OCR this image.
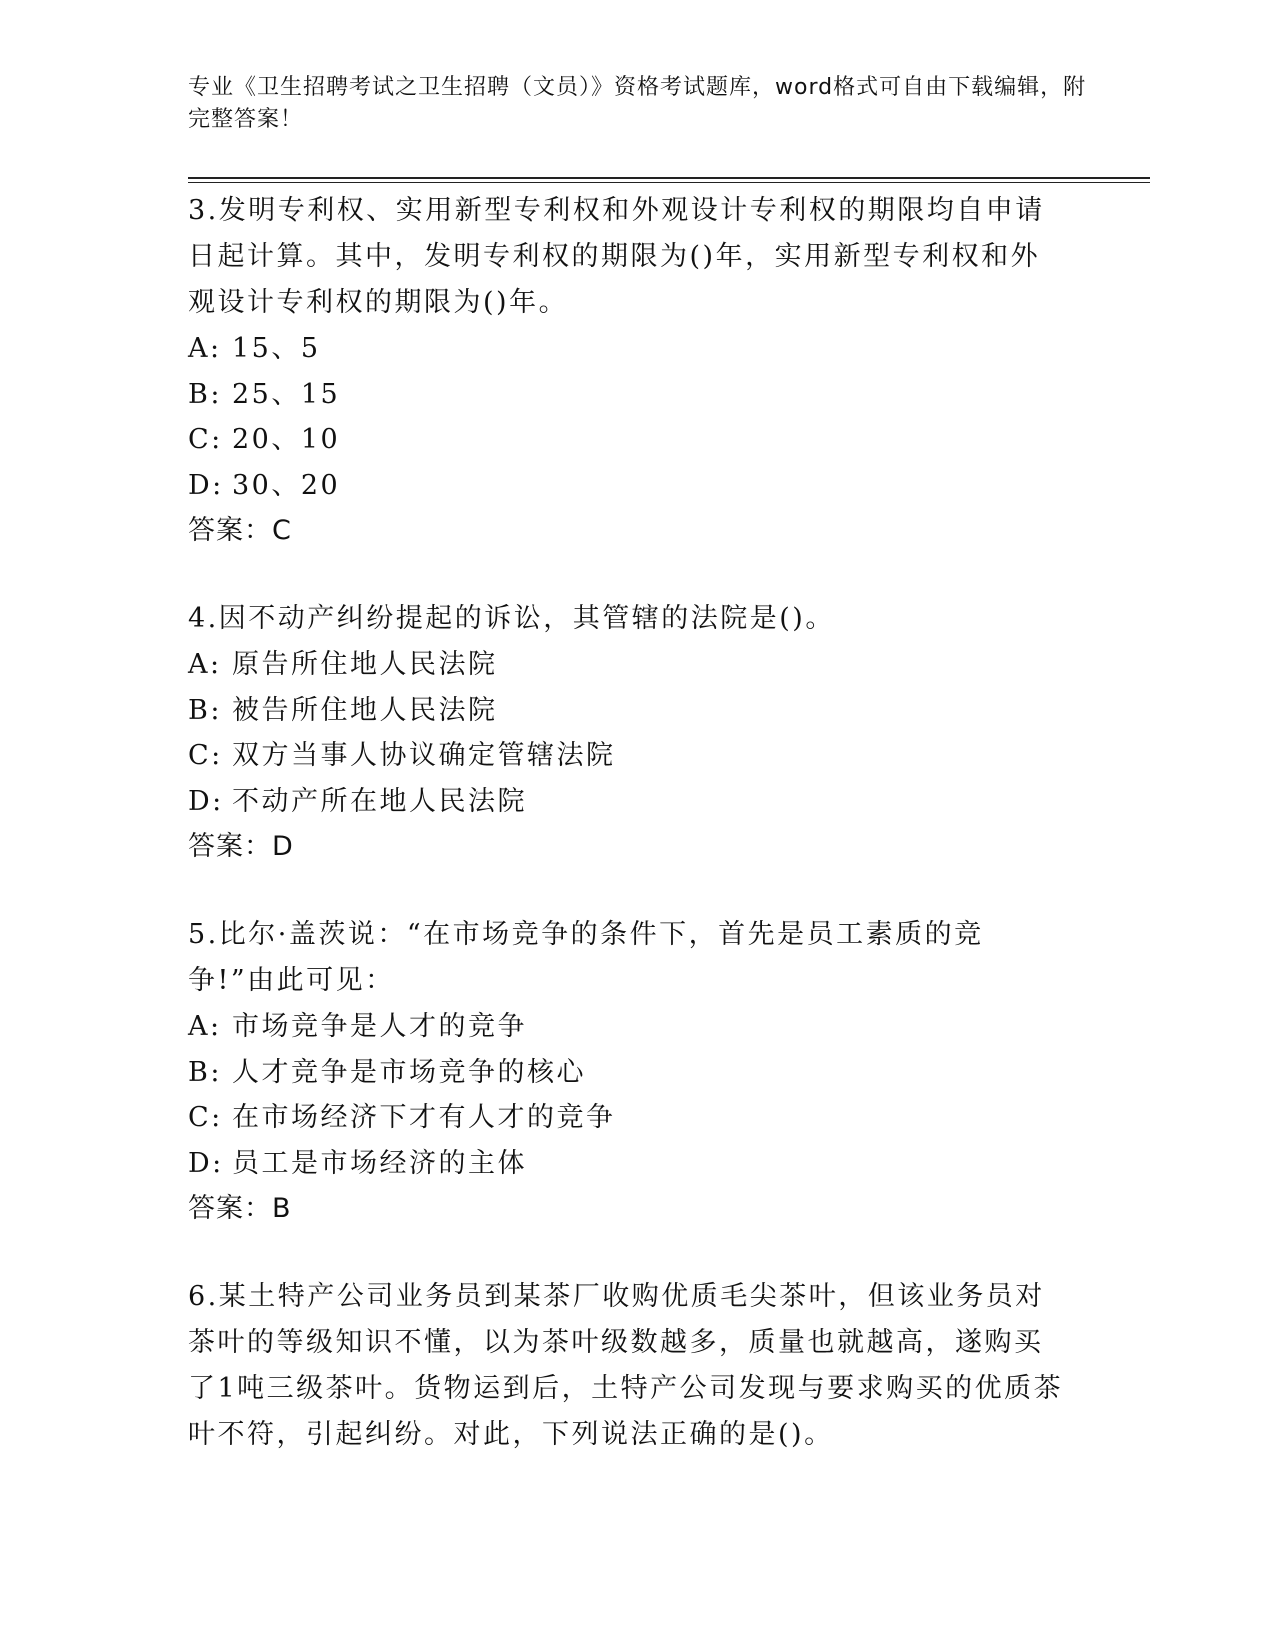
专业《卫生招聘考试之卫生招聘（文员）》资格考试题库，word格式可自由下载编辑，附完整答案！

3.发明专利权、实用新型专利权和外观设计专利权的期限均自申请日起计算。其中，发明专利权的期限为()年，实用新型专利权和外观设计专利权的期限为()年。

A: 15、5
B: 25、15
C: 20、10
D: 30、20
答案：C

4.因不动产纠纷提起的诉讼，其管辖的法院是()。

A: 原告所住地人民法院
B: 被告所住地人民法院
C: 双方当事人协议确定管辖法院
D: 不动产所在地人民法院
答案：D

5.比尔·盖茨说：“在市场竞争的条件下，首先是员工素质的竞争!”由此可见：

A: 市场竞争是人才的竞争
B: 人才竞争是市场竞争的核心
C: 在市场经济下才有人才的竞争
D: 员工是市场经济的主体
答案：B

6.某土特产公司业务员到某茶厂收购优质毛尖茶叶，但该业务员对茶叶的等级知识不懂，以为茶叶级数越多，质量也就越高，遂购买了1吨三级茶叶。货物运到后，土特产公司发现与要求购买的优质茶叶不符，引起纠纷。对此，下列说法正确的是()。
